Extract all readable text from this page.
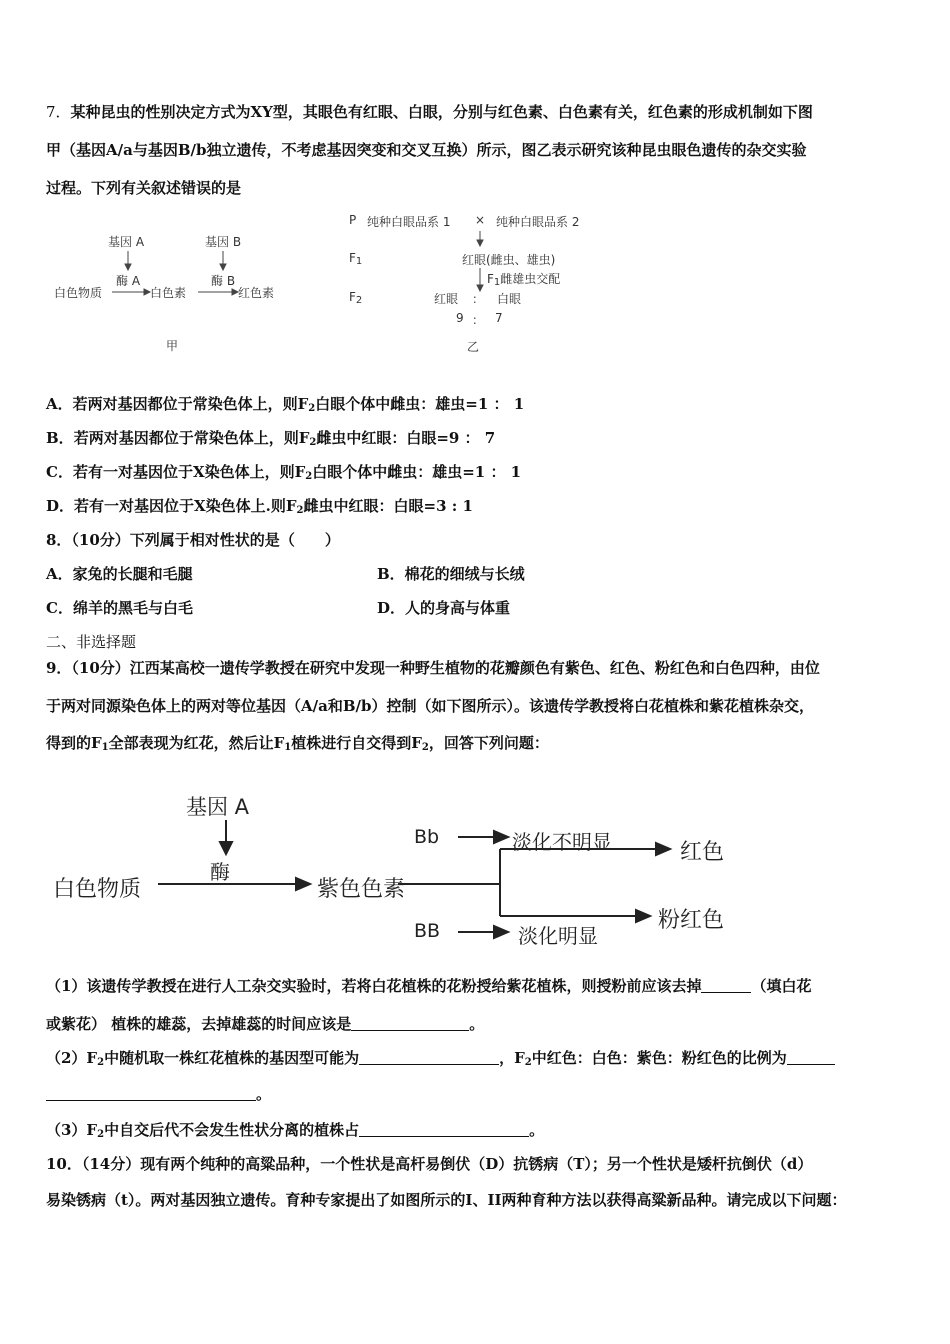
7．某种昆虫的性别决定方式为XY型，其眼色有红眼、白眼，分别与红色素、白色素有关，红色素的形成机制如下图
甲（基因A/a与基因B/b独立遗传，不考虑基因突变和交叉互换）所示，图乙表示研究该种昆虫眼色遗传的杂交实验
过程。下列有关叙述错误的是
基因 A	基因 B
酶 A	酶 B
白色物质	白色素	红色素
甲
P 纯种白眼品系 1 × 纯种白眼品系 2
$F_1$	红眼(雌虫、雄虫)
$F_1$雌雄虫交配
$F_2$	红眼 ： 白眼
9 ： 7
乙
A．若两对基因都位于常染色体上，则$F_2$白眼个体中雌虫：雄虫=1 ： 1
B．若两对基因都位于常染色体上，则$F_2$雌虫中红眼：白眼=9 ： 7
C．若有一对基因位于X染色体上，则$F_2$白眼个体中雌虫：雄虫=1 ： 1
D．若有一对基因位于X染色体上.则$F_2$雌虫中红眼：白眼=3 : 1
8．（10分）下列属于相对性状的是（　　）
A．家兔的长腿和毛腿	B．棉花的细绒与长绒
C．绵羊的黑毛与白毛	D．人的身高与体重
二、非选择题
9．（10分）江西某高校一遗传学教授在研究中发现一种野生植物的花瓣颜色有紫色、红色、粉红色和白色四种，由位
于两对同源染色体上的两对等位基因（A/a和B/b）控制（如下图所示）。该遗传学教授将白花植株和紫花植株杂交，
得到的$F_1$全部表现为红花，然后让$F_1$植株进行自交得到$F_2$，回答下列问题：
基因 A
酶
白色物质	紫色色素
Bb	淡化不明显	红色
BB	淡化明显
粉红色
（1）该遗传学教授在进行人工杂交实验时，若将白花植株的花粉授给紫花植株，则授粉前应该去掉	（填白花
或紫花） 植株的雄蕊，去掉雄蕊的时间应该是	。
$(2)F_2$中随机取一株红花植株的基因型可能为	，$F_2$中红色：白色：紫色：粉红色的比例为
。
$(3)F_2$中自交后代不会发生性状分离的植株占	。
10．（14分）现有两个纯种的高粱品种，一个性状是高杆易倒伏（D）抗锈病（T）；另一个性状是矮杆抗倒伏（d）
易染锈病（t）。两对基因独立遗传。育种专家提出了如图所示的I、II两种育种方法以获得高粱新品种。请完成以下问题：
